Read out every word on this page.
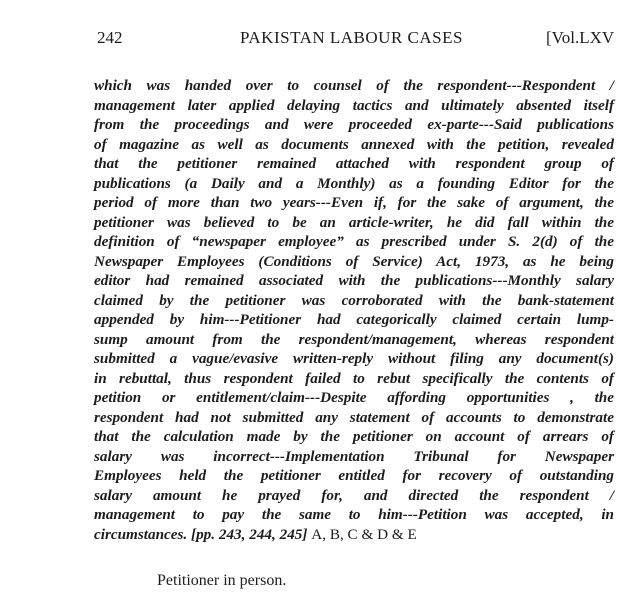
242	PAKISTAN LABOUR CASES	[Vol.LXV
which was handed over to counsel of the respondent---Respondent /
management later applied delaying tactics and ultimately absented itself
from the proceedings and were proceeded ex-parte---Said publications
of magazine as well as documents annexed with the petition, revealed
that the petitioner remained attached with respondent group of
publications (a Daily and a Monthly) as a founding Editor for the
period of more than two years---Even if, for the sake of argument, the
petitioner was believed to be an article-writer, he did fall within the
definition of “newspaper employee” as prescribed under S. 2(d) of the
Newspaper Employees (Conditions of Service) Act, 1973, as he being
editor had remained associated with the publications---Monthly salary
claimed by the petitioner was corroborated with the bank-statement
appended by him---Petitioner had categorically claimed certain lump-
sump amount from the respondent/management, whereas respondent
submitted a vague/evasive written-reply without filing any document(s)
in rebuttal, thus respondent failed to rebut specifically the contents of
petition or entitlement/claim---Despite affording opportunities , the
respondent had not submitted any statement of accounts to demonstrate
that the calculation made by the petitioner on account of arrears of
salary was incorrect---Implementation Tribunal for Newspaper
Employees held the petitioner entitled for recovery of outstanding
salary amount he prayed for, and directed the respondent /
management to pay the same to him---Petition was accepted, in
circumstances. [pp. 243, 244, 245] A, B, C & D & E
Petitioner in person.
